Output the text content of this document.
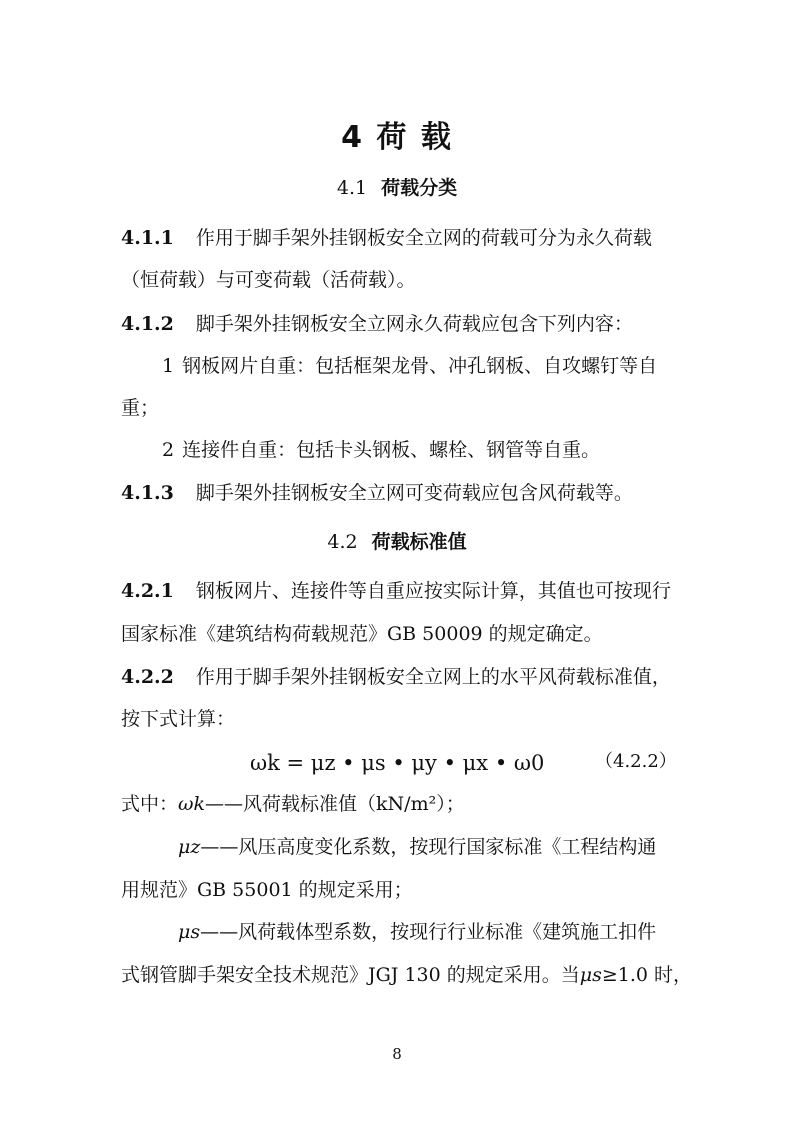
4 荷 载
4.1 荷载分类
4.1.1 作用于脚手架外挂钢板安全立网的荷载可分为永久荷载
（恒荷载）与可变荷载（活荷载）。
4.1.2 脚手架外挂钢板安全立网永久荷载应包含下列内容：
1 钢板网片自重：包括框架龙骨、冲孔钢板、自攻螺钉等自
重；
2 连接件自重：包括卡头钢板、螺栓、钢管等自重。
4.1.3 脚手架外挂钢板安全立网可变荷载应包含风荷载等。
4.2 荷载标准值
4.2.1 钢板网片、连接件等自重应按实际计算，其值也可按现行
国家标准《建筑结构荷载规范》GB 50009 的规定确定。
4.2.2 作用于脚手架外挂钢板安全立网上的水平风荷载标准值，
按下式计算：
ωk = μz • μs • μy • μx • ω0	（4.2.2）
式中：ωk——风荷载标准值（kN/m²）；
μz——风压高度变化系数，按现行国家标准《工程结构通
用规范》GB 55001 的规定采用；
μs——风荷载体型系数，按现行行业标准《建筑施工扣件
式钢管脚手架安全技术规范》JGJ 130 的规定采用。当μs≥1.0 时，
8
